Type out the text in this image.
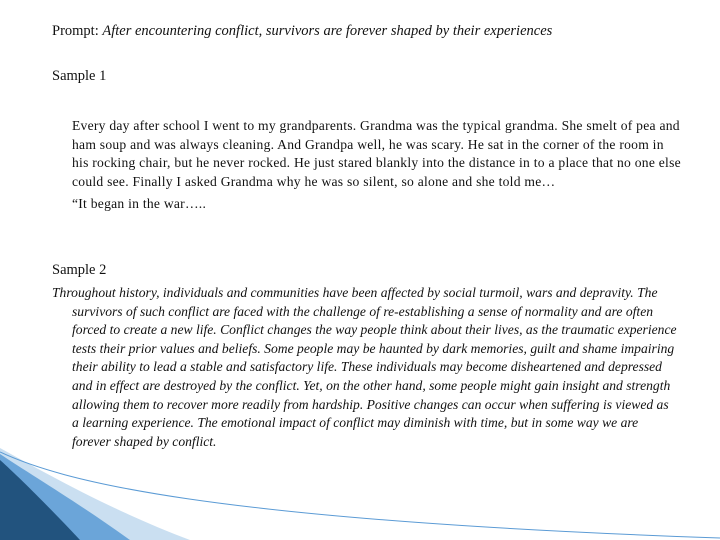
Prompt: After encountering conflict, survivors are forever shaped by their experiences
Sample 1

Every day after school I went to my grandparents. Grandma was the typical grandma. She smelt of pea and ham soup and was always cleaning. And Grandpa well, he was scary. He sat in the corner of the room in his rocking chair, but he never rocked. He just stared blankly into the distance in to a place that no one else could see. Finally I asked Grandma why he was so silent, so alone and she told me…

“It began in the war…..

Sample 2
Throughout history, individuals and communities have been affected by social turmoil, wars and depravity. The survivors of such conflict are faced with the challenge of re-establishing a sense of normality and are often forced to create a new life. Conflict changes the way people think about their lives, as the traumatic experience tests their prior values and beliefs. Some people may be haunted by dark memories, guilt and shame impairing their ability to lead a stable and satisfactory life. These individuals may become disheartened and depressed and in effect are destroyed by the conflict. Yet, on the other hand, some people might gain insight and strength allowing them to recover more readily from hardship. Positive changes can occur when suffering is viewed as a learning experience. The emotional impact of conflict may diminish with time, but in some way we are forever shaped by conflict.
